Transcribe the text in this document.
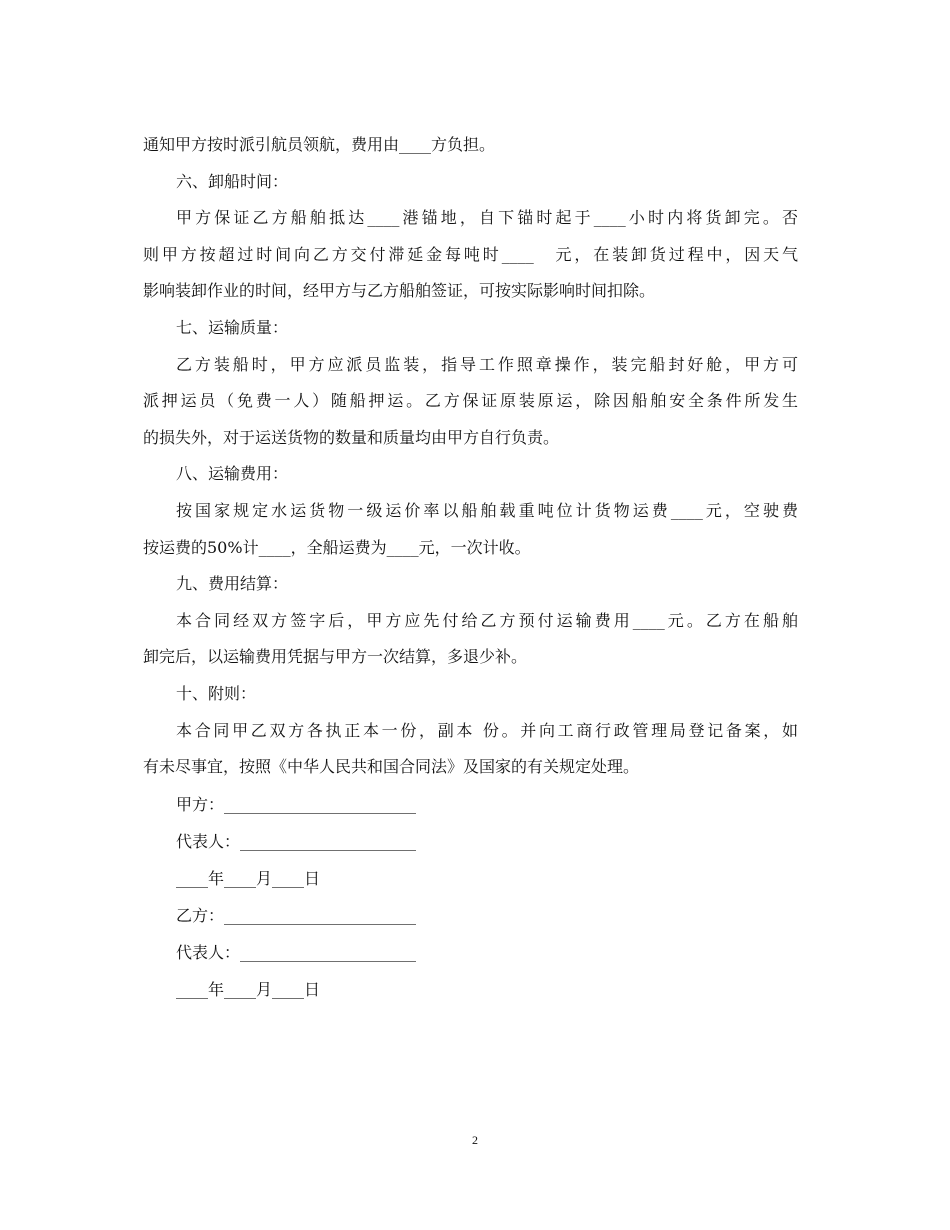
通知甲方按时派引航员领航，费用由____方负担。
六、卸船时间：
甲方保证乙方船舶抵达____港锚地，自下锚时起于____小时内将货卸完。否
则甲方按超过时间向乙方交付滞延金每吨时____　元，在装卸货过程中，因天气
影响装卸作业的时间，经甲方与乙方船舶签证，可按实际影响时间扣除。
七、运输质量：
乙方装船时，甲方应派员监装，指导工作照章操作，装完船封好舱，甲方可
派押运员（免费一人）随船押运。乙方保证原装原运，除因船舶安全条件所发生
的损失外，对于运送货物的数量和质量均由甲方自行负责。
八、运输费用：
按国家规定水运货物一级运价率以船舶载重吨位计货物运费____元，空驶费
按运费的50%计____，全船运费为____元，一次计收。
九、费用结算：
本合同经双方签字后，甲方应先付给乙方预付运输费用____元。乙方在船舶
卸完后，以运输费用凭据与甲方一次结算，多退少补。
十、附则：
本合同甲乙双方各执正本一份，副本 份。并向工商行政管理局登记备案，如
有未尽事宜，按照《中华人民共和国合同法》及国家的有关规定处理。
甲方：________________________
代表人：______________________
____年____月____日
乙方：________________________
代表人：______________________
____年____月____日
2
